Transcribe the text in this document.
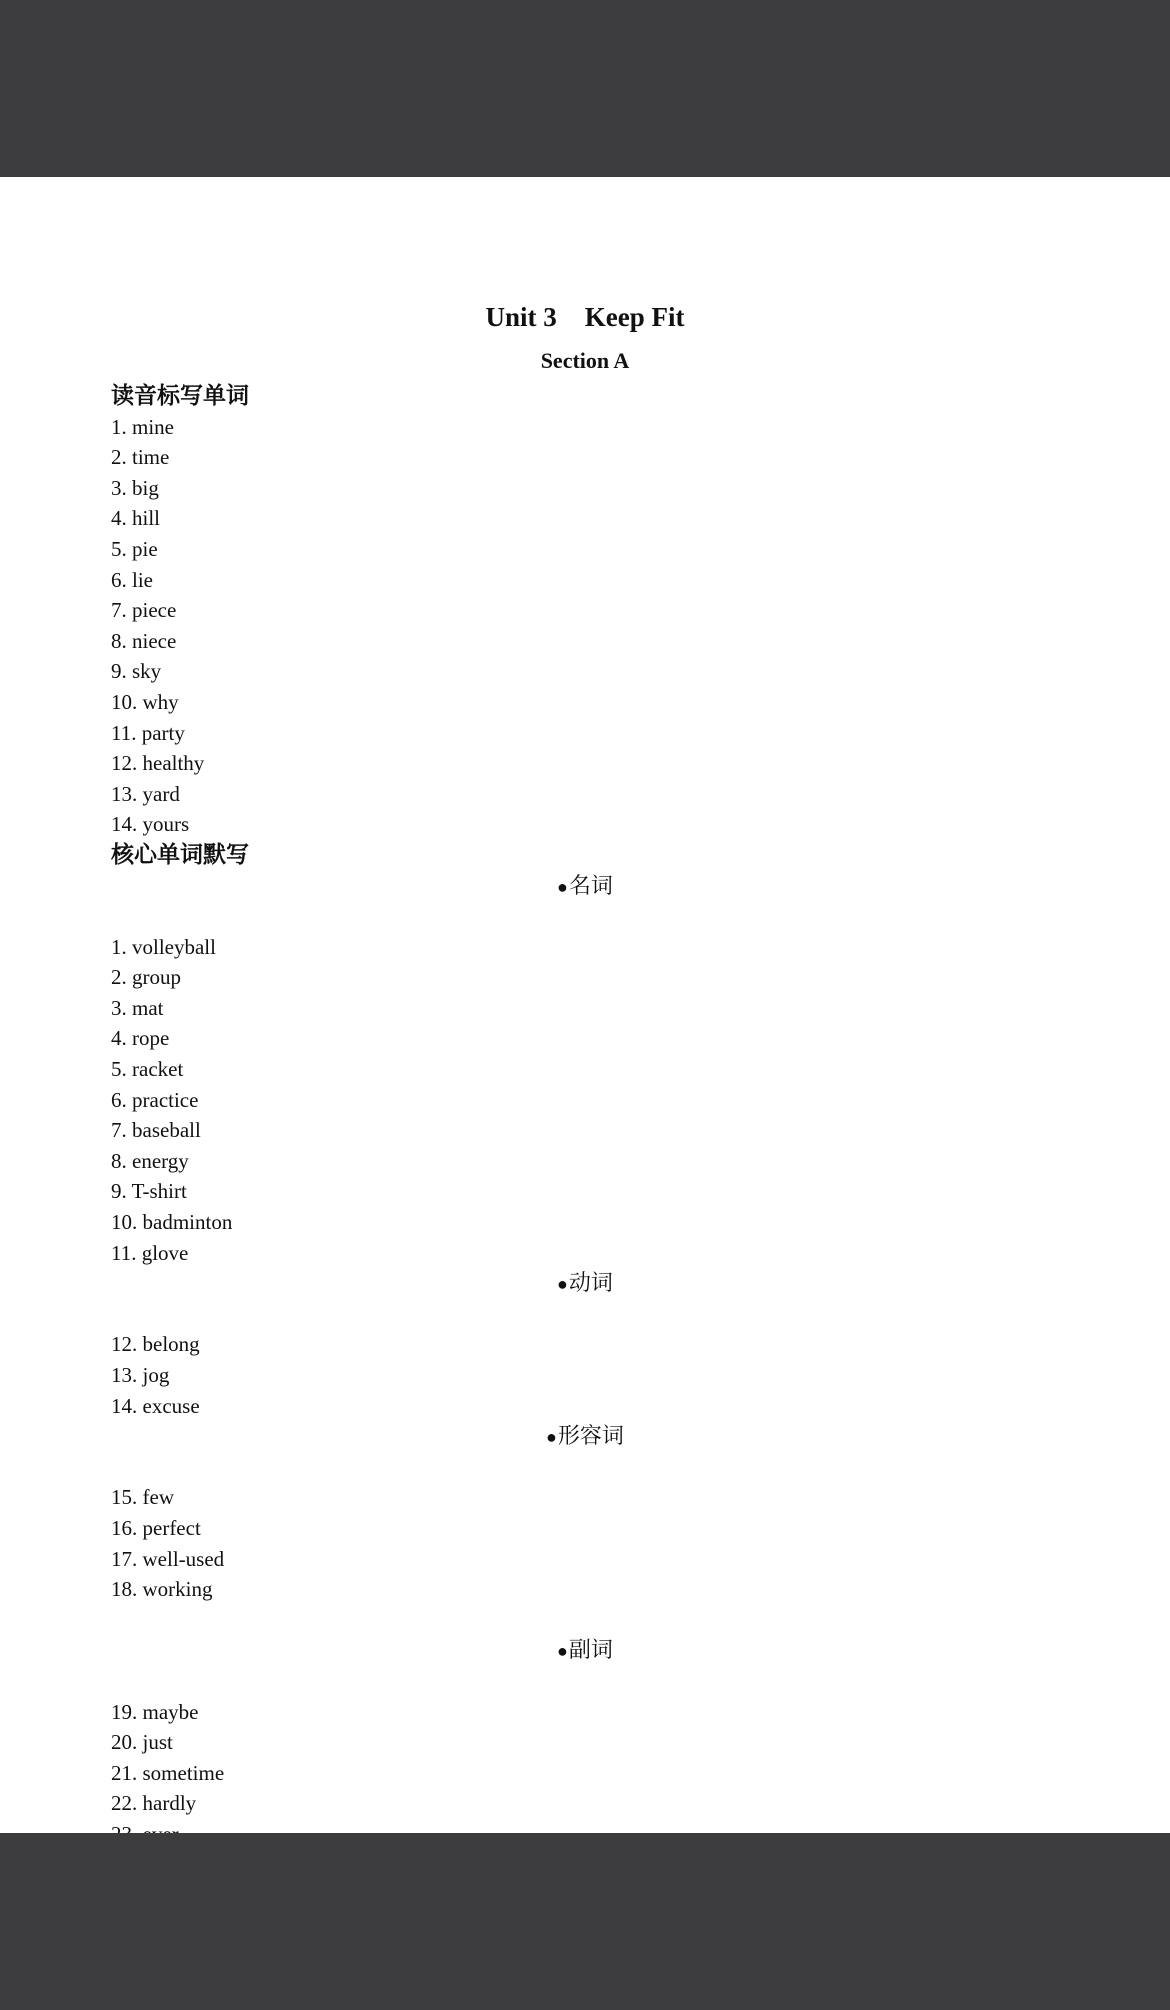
Unit 3 Keep Fit
Section A
读音标写单词
1. mine
2. time
3. big
4. hill
5. pie
6. lie
7. piece
8. niece
9. sky
10. why
11. party
12. healthy
13. yard
14. yours
核心单词默写
●名词
1. volleyball
2. group
3. mat
4. rope
5. racket
6. practice
7. baseball
8. energy
9. T-shirt
10. badminton
11. glove
●动词
12. belong
13. jog
14. excuse
●形容词
15. few
16. perfect
17. well-used
18. working
●副词
19. maybe
20. just
21. sometime
22. hardly
